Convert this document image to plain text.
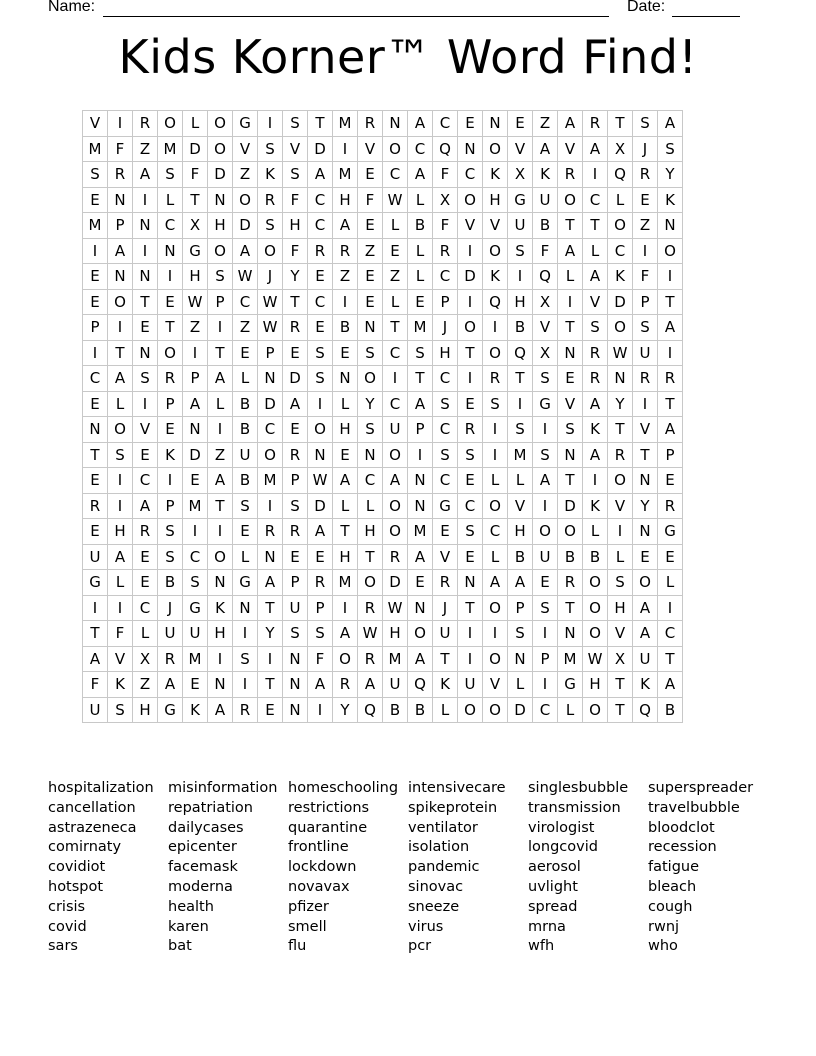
Name:	Date:
Kids Korner™ Word Find!
V	I	R	O	L	O	G	I	S	T	M	R	N	A	C	E	N	E	Z	A	R	T	S	A
M	F	Z	M	D	O	V	S	V	D	I	V	O	C	Q	N	O	V	A	V	A	X	J	S
S	R	A	S	F	D	Z	K	S	A	M	E	C	A	F	C	K	X	K	R	I	Q	R	Y
E	N	I	L	T	N	O	R	F	C	H	F	W	L	X	O	H	G	U	O	C	L	E	K
M	P	N	C	X	H	D	S	H	C	A	E	L	B	F	V	V	U	B	T	T	O	Z	N
I	A	I	N	G	O	A	O	F	R	R	Z	E	L	R	I	O	S	F	A	L	C	I	O
E	N	N	I	H	S	W	J	Y	E	Z	E	Z	L	C	D	K	I	Q	L	A	K	F	I
E	O	T	E	W	P	C	W	T	C	I	E	L	E	P	I	Q	H	X	I	V	D	P	T
P	I	E	T	Z	I	Z	W	R	E	B	N	T	M	J	O	I	B	V	T	S	O	S	A
I	T	N	O	I	T	E	P	E	S	E	S	C	S	H	T	O	Q	X	N	R	W	U	I
C	A	S	R	P	A	L	N	D	S	N	O	I	T	C	I	R	T	S	E	R	N	R	R
E	L	I	P	A	L	B	D	A	I	L	Y	C	A	S	E	S	I	G	V	A	Y	I	T
N	O	V	E	N	I	B	C	E	O	H	S	U	P	C	R	I	S	I	S	K	T	V	A
T	S	E	K	D	Z	U	O	R	N	E	N	O	I	S	S	I	M	S	N	A	R	T	P
E	I	C	I	E	A	B	M	P	W	A	C	A	N	C	E	L	L	A	T	I	O	N	E
R	I	A	P	M	T	S	I	S	D	L	L	O	N	G	C	O	V	I	D	K	V	Y	R
E	H	R	S	I	I	E	R	R	A	T	H	O	M	E	S	C	H	O	O	L	I	N	G
U	A	E	S	C	O	L	N	E	E	H	T	R	A	V	E	L	B	U	B	B	L	E	E
G	L	E	B	S	N	G	A	P	R	M	O	D	E	R	N	A	A	E	R	O	S	O	L
I	I	C	J	G	K	N	T	U	P	I	R	W	N	J	T	O	P	S	T	O	H	A	I
T	F	L	U	U	H	I	Y	S	S	A	W	H	O	U	I	I	S	I	N	O	V	A	C
A	V	X	R	M	I	S	I	N	F	O	R	M	A	T	I	O	N	P	M	W	X	U	T
F	K	Z	A	E	N	I	T	N	A	R	A	U	Q	K	U	V	L	I	G	H	T	K	A
U	S	H	G	K	A	R	E	N	I	Y	Q	B	B	L	O	O	D	C	L	O	T	Q	B
hospitalization
cancellation
astrazeneca
comirnaty
covidiot
hotspot
crisis
covid
sars
misinformation
repatriation
dailycases
epicenter
facemask
moderna
health
karen
bat
homeschooling
restrictions
quarantine
frontline
lockdown
novavax
pfizer
smell
flu
intensivecare
spikeprotein
ventilator
isolation
pandemic
sinovac
sneeze
virus
pcr
singlesbubble
transmission
virologist
longcovid
aerosol
uvlight
spread
mrna
wfh
superspreader
travelbubble
bloodclot
recession
fatigue
bleach
cough
rwnj
who
